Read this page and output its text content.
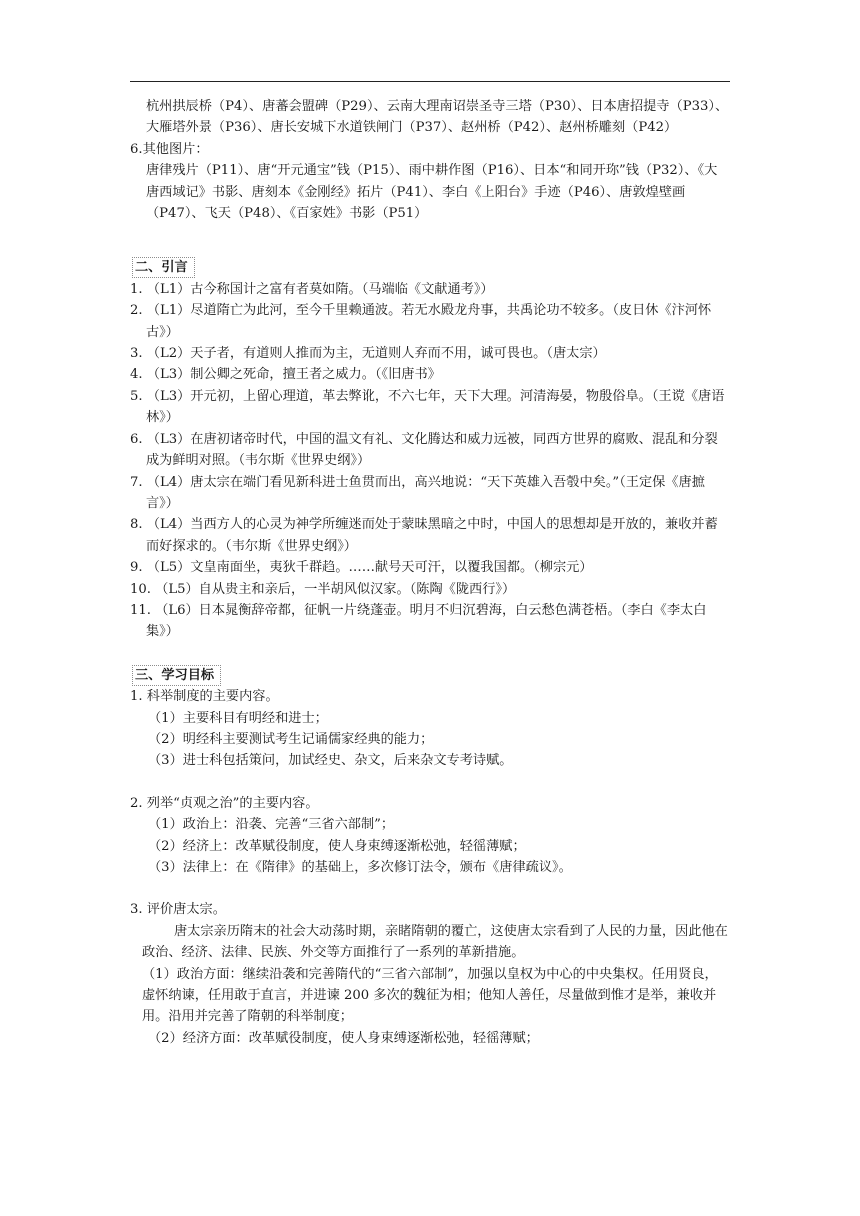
杭州拱辰桥（P4）、唐蕃会盟碑（P29）、云南大理南诏崇圣寺三塔（P30）、日本唐招提寺（P33）、大雁塔外景（P36）、唐长安城下水道铁闸门（P37）、赵州桥（P42）、赵州桥雕刻（P42）

6.其他图片：

唐律残片（P11）、唐“开元通宝”钱（P15）、雨中耕作图（P16）、日本“和同开珎”钱（P32）、《大唐西域记》书影、唐刻本《金刚经》拓片（P41）、李白《上阳台》手迹（P46）、唐敦煌壁画（P47）、飞天（P48）、《百家姓》书影（P51）

二、引言

1. （L1）古今称国计之富有者莫如隋。（马端临《文献通考》）

2. （L1）尽道隋亡为此河，至今千里赖通波。若无水殿龙舟事，共禹论功不较多。（皮日休《汴河怀古》）

3. （L2）天子者，有道则人推而为主，无道则人弃而不用，诚可畏也。（唐太宗）

4. （L3）制公卿之死命，擅王者之威力。（《旧唐书》

5. （L3）开元初，上留心理道，革去弊讹，不六七年，天下大理。河清海晏，物殷俗阜。（王谠《唐语林》）

6. （L3）在唐初诸帝时代，中国的温文有礼、文化腾达和威力远被，同西方世界的腐败、混乱和分裂成为鲜明对照。（韦尔斯《世界史纲》）

7. （L4）唐太宗在端门看见新科进士鱼贯而出，高兴地说：“天下英雄入吾彀中矣。”（王定保《唐摭言》）

8. （L4）当西方人的心灵为神学所缠迷而处于蒙昧黑暗之中时，中国人的思想却是开放的，兼收并蓄而好探求的。（韦尔斯《世界史纲》）

9. （L5）文皇南面坐，夷狄千群趋。……献号天可汗，以覆我国都。（柳宗元）

10. （L5）自从贵主和亲后，一半胡风似汉家。（陈陶《陇西行》）

11. （L6）日本晁衡辞帝都，征帆一片绕蓬壶。明月不归沉碧海，白云愁色满苍梧。（李白《李太白集》）

三、学习目标

1. 科举制度的主要内容。

（1）主要科目有明经和进士；

（2）明经科主要测试考生记诵儒家经典的能力；

（3）进士科包括策问，加试经史、杂文，后来杂文专考诗赋。

2. 列举“贞观之治”的主要内容。

（1）政治上：沿袭、完善“三省六部制”；

（2）经济上：改革赋役制度，使人身束缚逐渐松弛，轻徭薄赋；

（3）法律上：在《隋律》的基础上，多次修订法令，颁布《唐律疏议》。

3. 评价唐太宗。

唐太宗亲历隋末的社会大动荡时期，亲睹隋朝的覆亡，这使唐太宗看到了人民的力量，因此他在政治、经济、法律、民族、外交等方面推行了一系列的革新措施。

（1）政治方面：继续沿袭和完善隋代的“三省六部制”，加强以皇权为中心的中央集权。任用贤良，虚怀纳谏，任用敢于直言，并进谏 200 多次的魏征为相；他知人善任，尽量做到惟才是举，兼收并用。沿用并完善了隋朝的科举制度；

（2）经济方面：改革赋役制度，使人身束缚逐渐松弛，轻徭薄赋；
